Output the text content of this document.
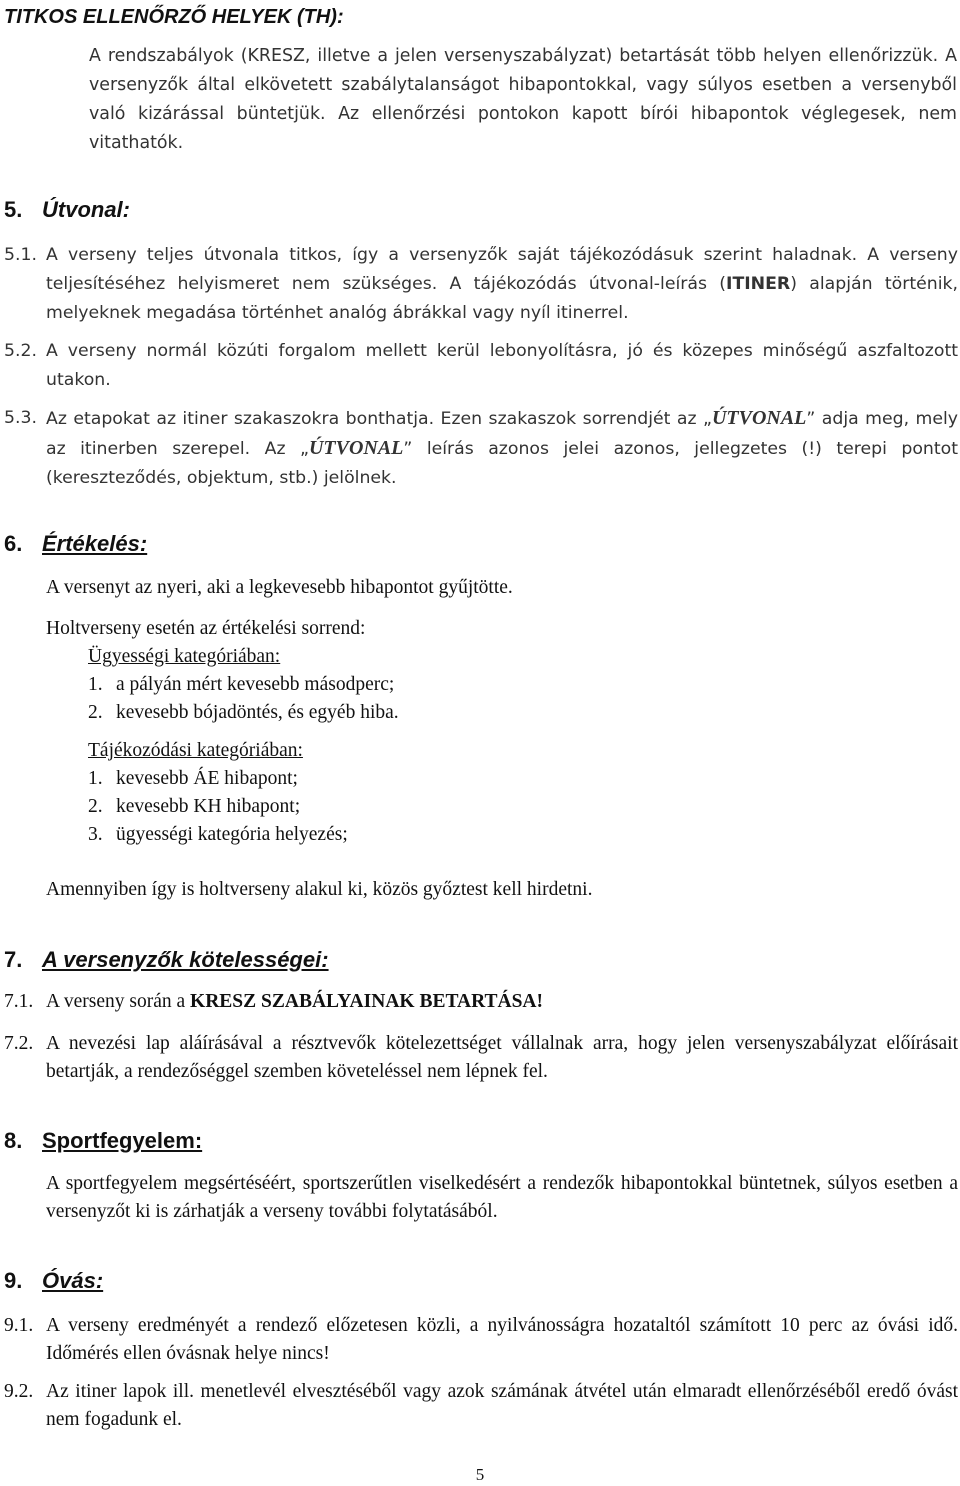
TITKOS ELLENŐRZŐ HELYEK (TH):

A rendszabályok (KRESZ, illetve a jelen versenyszabályzat) betartását több helyen ellenőrizzük. A versenyzők által elkövetett szabálytalanságot hibapontokkal, vagy súlyos esetben a versenyből való kizárással büntetjük. Az ellenőrzési pontokon kapott bírói hibapontok véglegesek, nem vitathatók.

5. Útvonal:
5.1. A verseny teljes útvonala titkos, így a versenyzők saját tájékozódásuk szerint haladnak. A verseny teljesítéséhez helyismeret nem szükséges. A tájékozódás útvonal-leírás (ITINER) alapján történik, melyeknek megadása történhet analóg ábrákkal vagy nyíl itinerrel.

5.2. A verseny normál közúti forgalom mellett kerül lebonyolításra, jó és közepes minőségű aszfaltozott utakon.

5.3. Az etapokat az itiner szakaszokra bonthatja. Ezen szakaszok sorrendjét az „ÚTVONAL” adja meg, mely az itinerben szerepel. Az „ÚTVONAL” leírás azonos jelei azonos, jellegzetes (!) terepi pontot (kereszteződés, objektum, stb.) jelölnek.

6. Értékelés:
A versenyt az nyeri, aki a legkevesebb hibapontot gyűjtötte.
Holtverseny esetén az értékelési sorrend:
Ügyességi kategóriában:
1. a pályán mért kevesebb másodperc;
2. kevesebb bójadöntés, és egyéb hiba.
Tájékozódási kategóriában:
1. kevesebb ÁE hibapont;
2. kevesebb KH hibapont;
3. ügyességi kategória helyezés;
Amennyiben így is holtverseny alakul ki, közös győztest kell hirdetni.
7. A versenyzők kötelességei:
7.1. A verseny során a KRESZ SZABÁLYAINAK BETARTÁSA!

7.2. A nevezési lap aláírásával a résztvevők kötelezettséget vállalnak arra, hogy jelen versenyszabályzat előírásait betartják, a rendezőséggel szemben követeléssel nem lépnek fel.

8. Sportfegyelem:

A sportfegyelem megsértéséért, sportszerűtlen viselkedésért a rendezők hibapontokkal büntetnek, súlyos esetben a versenyzőt ki is zárhatják a verseny további folytatásából.

9. Óvás:
9.1. A verseny eredményét a rendező előzetesen közli, a nyilvánosságra hozataltól számított 10 perc az óvási idő. Időmérés ellen óvásnak helye nincs!

9.2. Az itiner lapok ill. menetlevél elvesztéséből vagy azok számának átvétel után elmaradt ellenőrzéséből eredő óvást nem fogadunk el.

5
